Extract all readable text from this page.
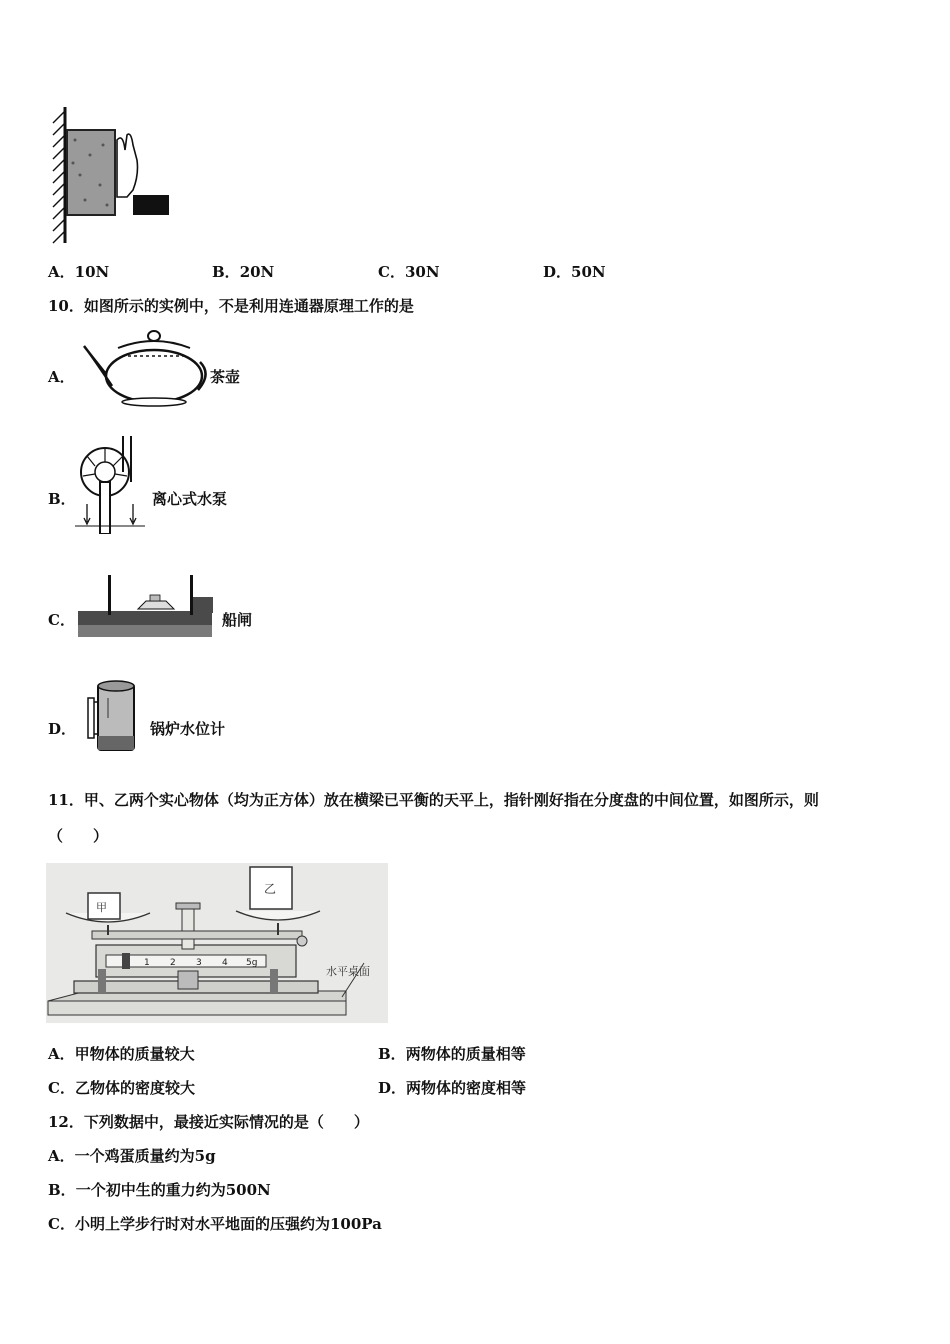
A．10N	B．20N	C．30N	D．50N
10．如图所示的实例中，不是利用连通器原理工作的是
A．	茶壶
B．	离心式水泵
C．	船闸
D．	锅炉水位计
11．甲、乙两个实心物体（均为正方体）放在横梁已平衡的天平上，指针刚好指在分度盘的中间位置，如图所示，则
（　　）
甲
乙
1 2 3 4 5g
水平桌面
A．甲物体的质量较大	B．两物体的质量相等
C．乙物体的密度较大	D．两物体的密度相等
12．下列数据中，最接近实际情况的是（　　）
A．一个鸡蛋质量约为5g
B．一个初中生的重力约为500N
C．小明上学步行时对水平地面的压强约为100Pa
